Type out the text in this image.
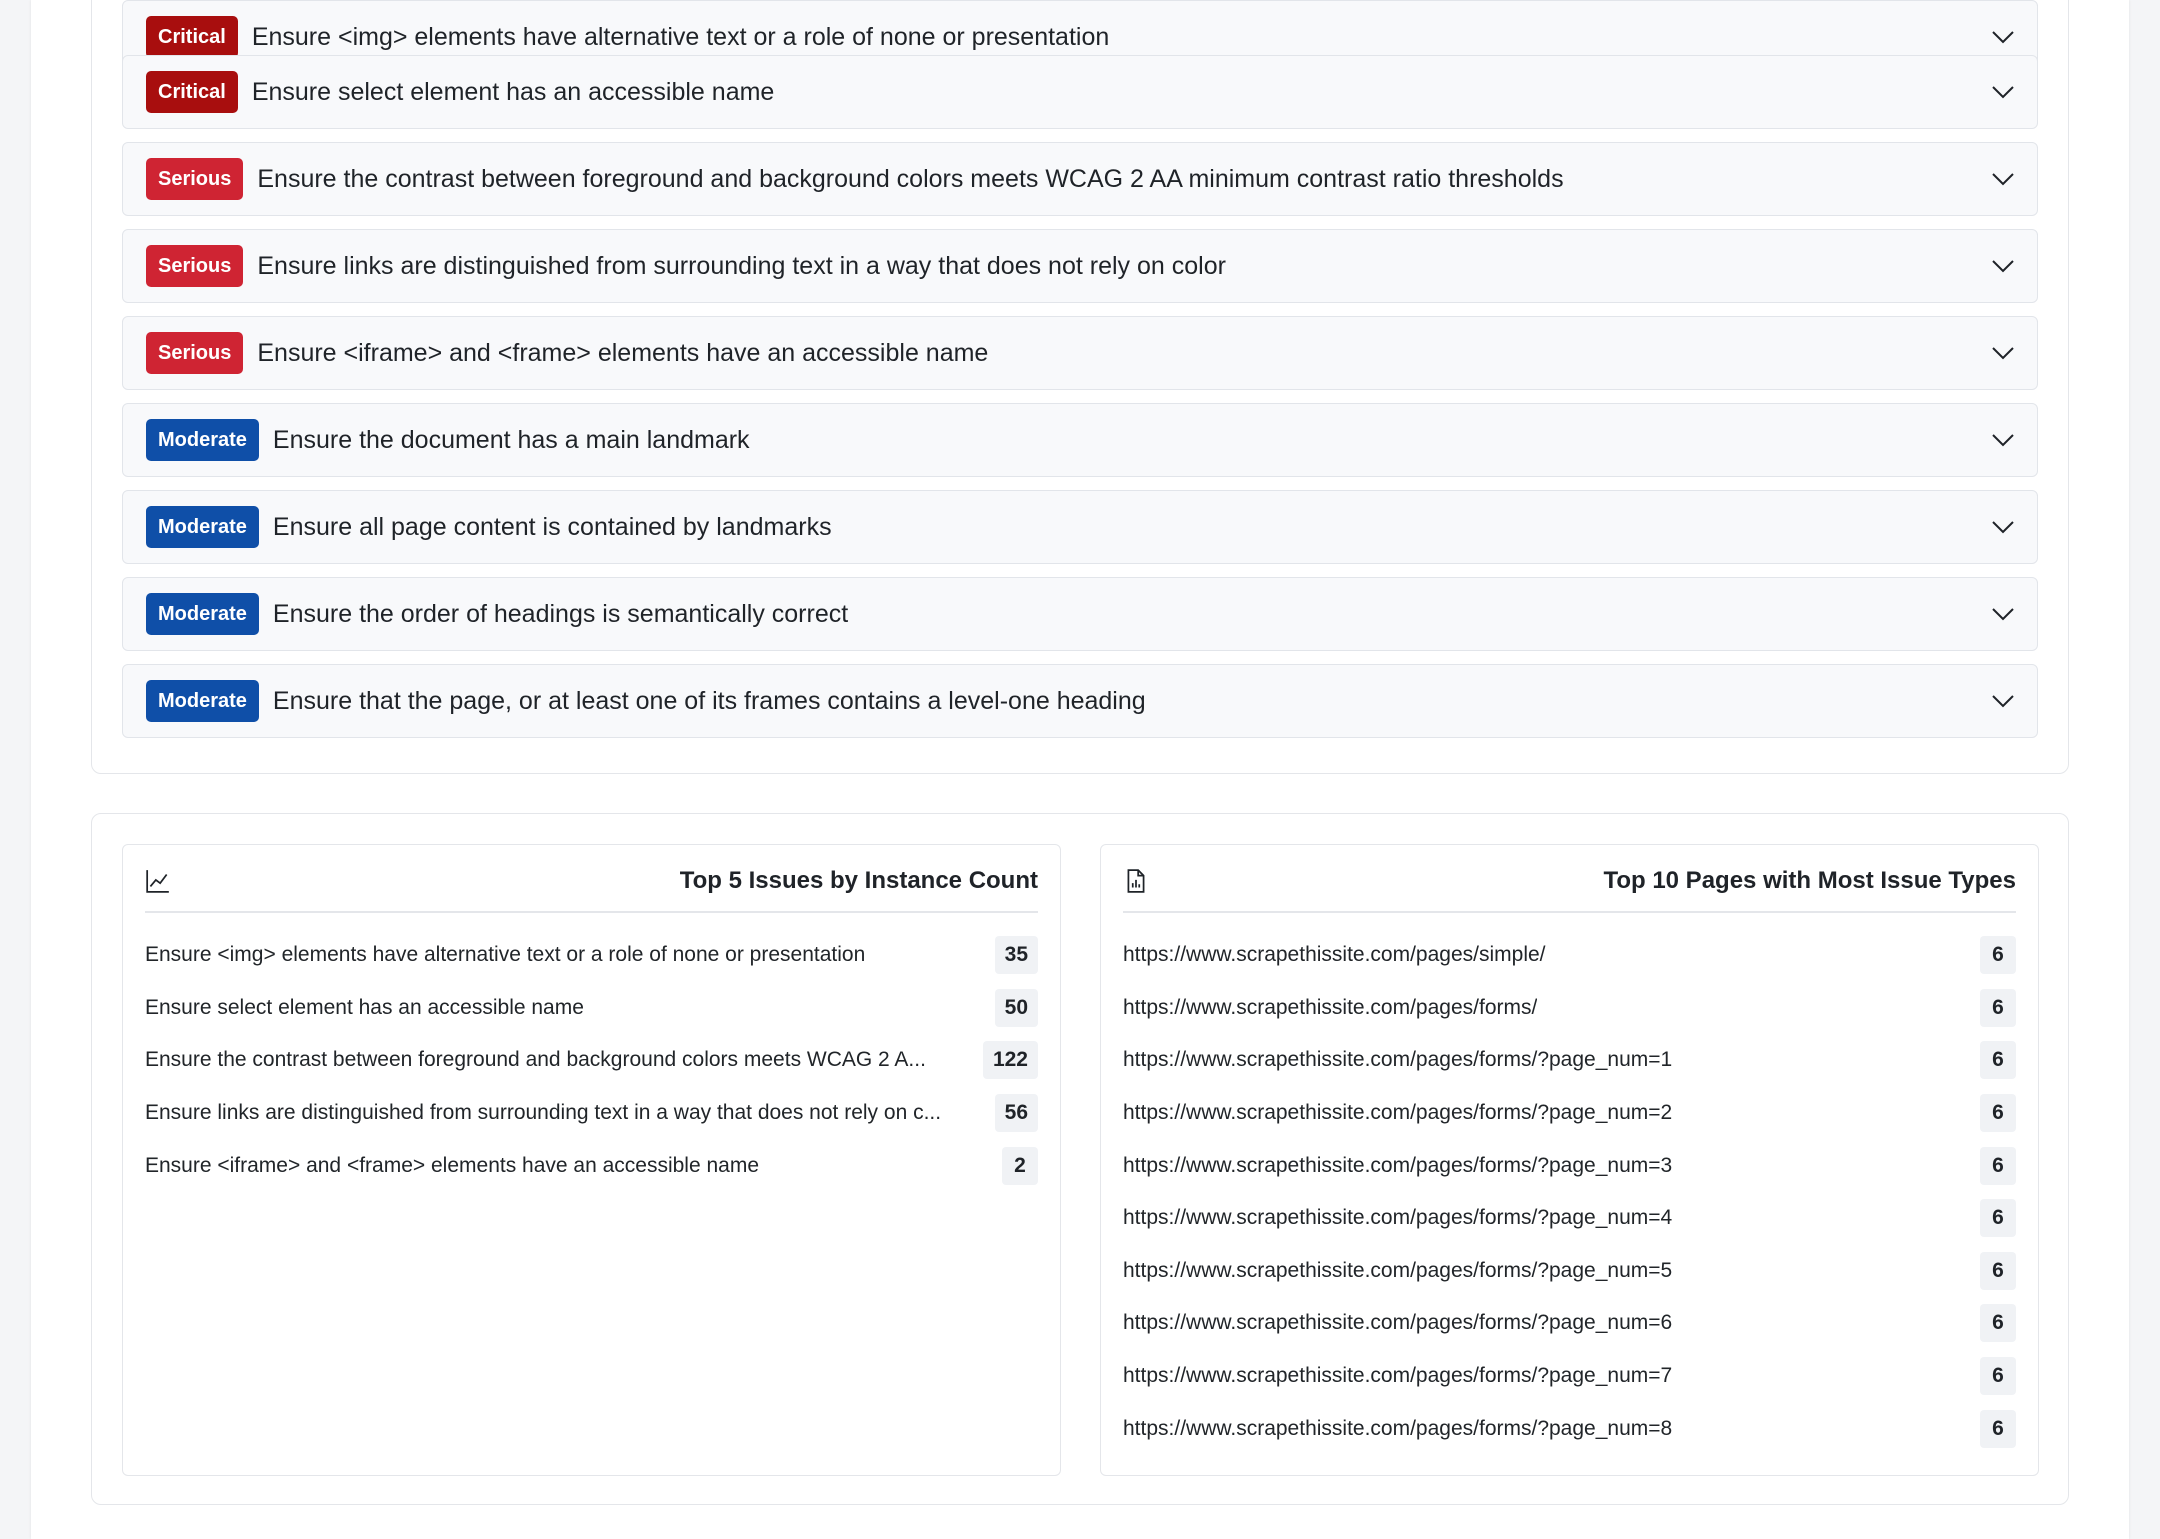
Critical	Ensure <img> elements have alternative text or a role of none or presentation
Critical	Ensure select element has an accessible name
Serious	Ensure the contrast between foreground and background colors meets WCAG 2 AA minimum contrast ratio thresholds
Serious	Ensure links are distinguished from surrounding text in a way that does not rely on color
Serious	Ensure <iframe> and <frame> elements have an accessible name
Moderate	Ensure the document has a main landmark
Moderate	Ensure all page content is contained by landmarks
Moderate	Ensure the order of headings is semantically correct
Moderate	Ensure that the page, or at least one of its frames contains a level-one heading
Top 5 Issues by Instance Count
Ensure <img> elements have alternative text or a role of none or presentation	35
Ensure select element has an accessible name	50
Ensure the contrast between foreground and background colors meets WCAG 2 A...	122
Ensure links are distinguished from surrounding text in a way that does not rely on c...	56
Ensure <iframe> and <frame> elements have an accessible name	2
Top 10 Pages with Most Issue Types
https://www.scrapethissite.com/pages/simple/	6
https://www.scrapethissite.com/pages/forms/	6
https://www.scrapethissite.com/pages/forms/?page_num=1	6
https://www.scrapethissite.com/pages/forms/?page_num=2	6
https://www.scrapethissite.com/pages/forms/?page_num=3	6
https://www.scrapethissite.com/pages/forms/?page_num=4	6
https://www.scrapethissite.com/pages/forms/?page_num=5	6
https://www.scrapethissite.com/pages/forms/?page_num=6	6
https://www.scrapethissite.com/pages/forms/?page_num=7	6
https://www.scrapethissite.com/pages/forms/?page_num=8	6
